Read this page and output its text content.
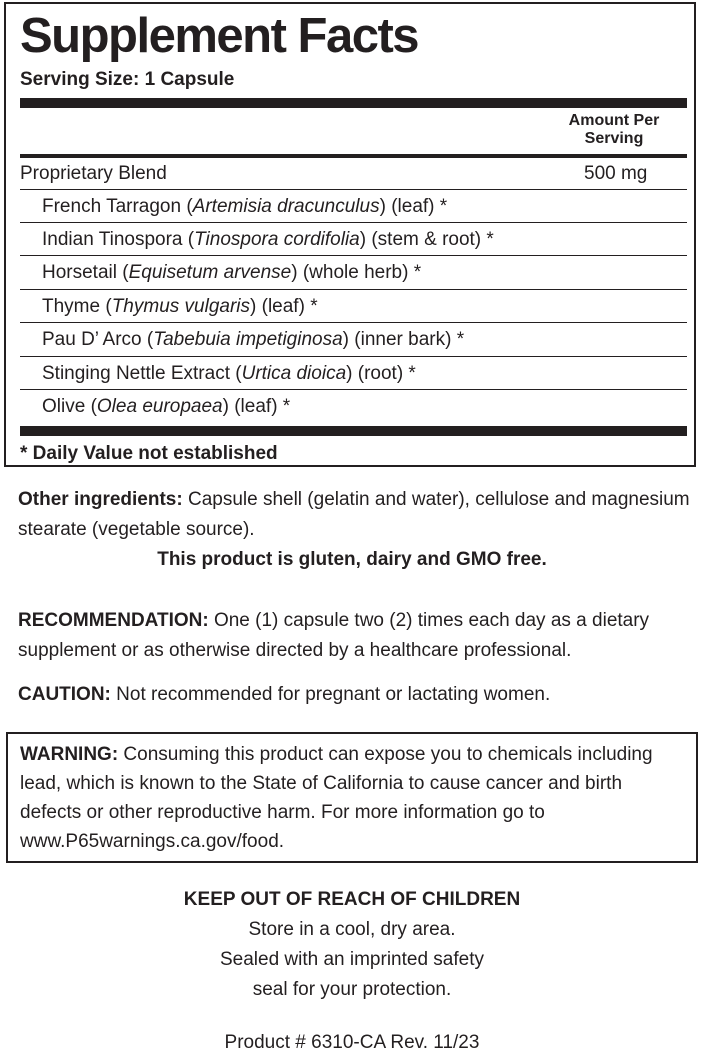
Supplement Facts
Serving Size: 1 Capsule
Amount Per
Serving
Proprietary Blend	500 mg
French Tarragon (Artemisia dracunculus) (leaf) *
Indian Tinospora (Tinospora cordifolia) (stem & root) *
Horsetail (Equisetum arvense) (whole herb) *
Thyme (Thymus vulgaris) (leaf) *
Pau D’ Arco (Tabebuia impetiginosa) (inner bark) *
Stinging Nettle Extract (Urtica dioica) (root) *
Olive (Olea europaea) (leaf) *
* Daily Value not established
Other ingredients: Capsule shell (gelatin and water), cellulose and magnesium
stearate (vegetable source).
This product is gluten, dairy and GMO free.
RECOMMENDATION: One (1) capsule two (2) times each day as a dietary
supplement or as otherwise directed by a healthcare professional.
CAUTION: Not recommended for pregnant or lactating women.
WARNING: Consuming this product can expose you to chemicals including
lead, which is known to the State of California to cause cancer and birth
defects or other reproductive harm. For more information go to
www.P65warnings.ca.gov/food.
KEEP OUT OF REACH OF CHILDREN
Store in a cool, dry area.
Sealed with an imprinted safety
seal for your protection.
Product # 6310-CA Rev. 11/23
